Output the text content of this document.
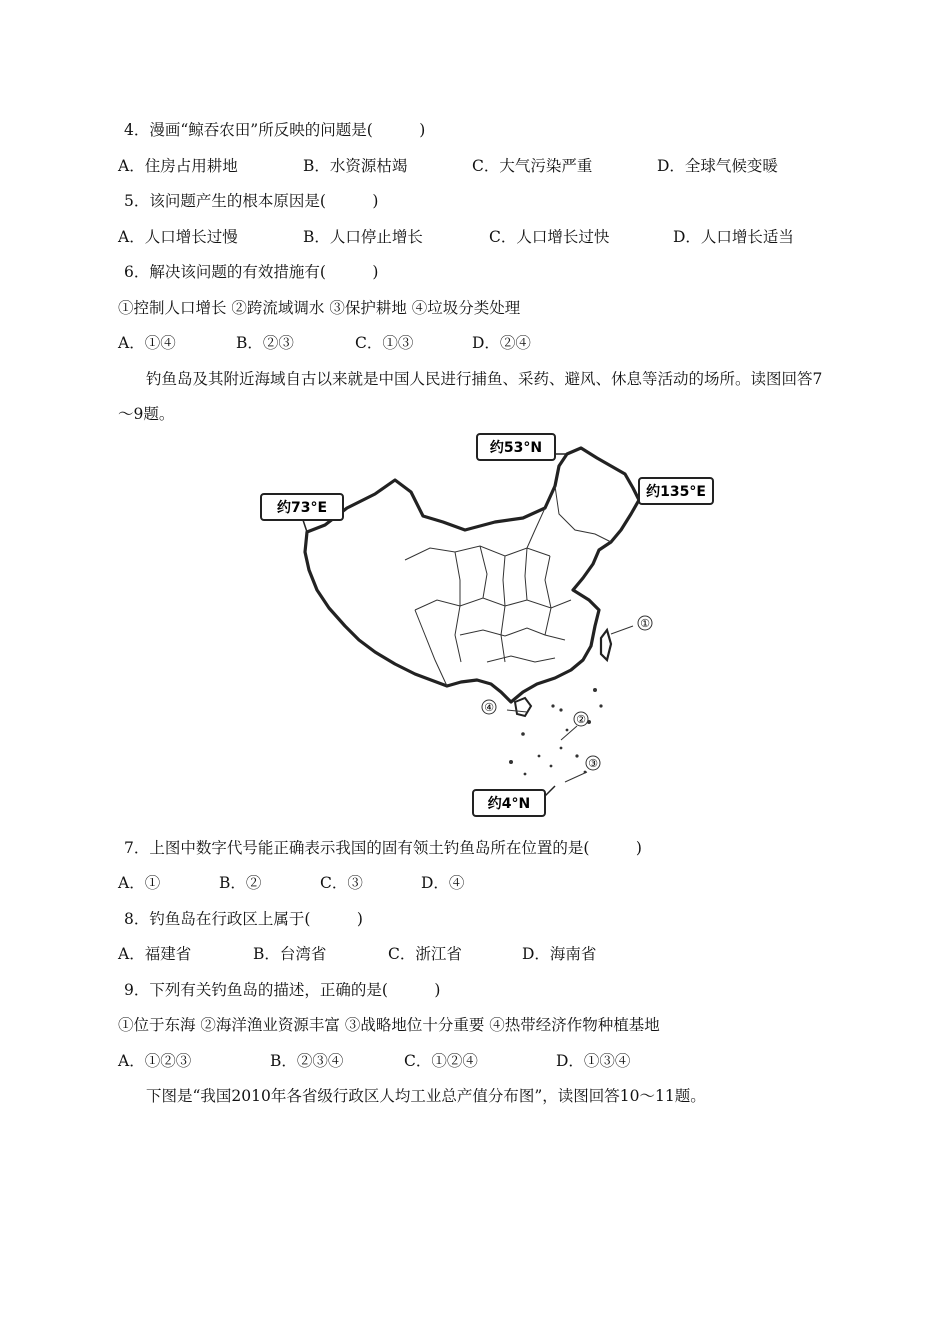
4．漫画“鲸吞农田”所反映的问题是(　　　)
A．住房占用耕地	B．水资源枯竭	C．大气污染严重	D．全球气候变暖
5．该问题产生的根本原因是(　　　)
A．人口增长过慢	B．人口停止增长	C．人口增长过快	D．人口增长适当
6．解决该问题的有效措施有(　　　)
①控制人口增长 ②跨流域调水 ③保护耕地 ④垃圾分类处理
A．①④	B．②③	C．①③	D．②④
钓鱼岛及其附近海域自古以来就是中国人民进行捕鱼、采药、避风、休息等活动的场所。读图回答7
～9题。
①
②
③
④
约53°N
约73°E
约135°E
约4°N
7．上图中数字代号能正确表示我国的固有领土钓鱼岛所在位置的是(　　　)
A．①	B．②	C．③	D．④
8．钓鱼岛在行政区上属于(　　　)
A．福建省	B．台湾省	C．浙江省	D．海南省
9．下列有关钓鱼岛的描述，正确的是(　　　)
①位于东海 ②海洋渔业资源丰富 ③战略地位十分重要 ④热带经济作物种植基地
A．①②③	B．②③④	C．①②④	D．①③④
下图是“我国2010年各省级行政区人均工业总产值分布图”，读图回答10～11题。
